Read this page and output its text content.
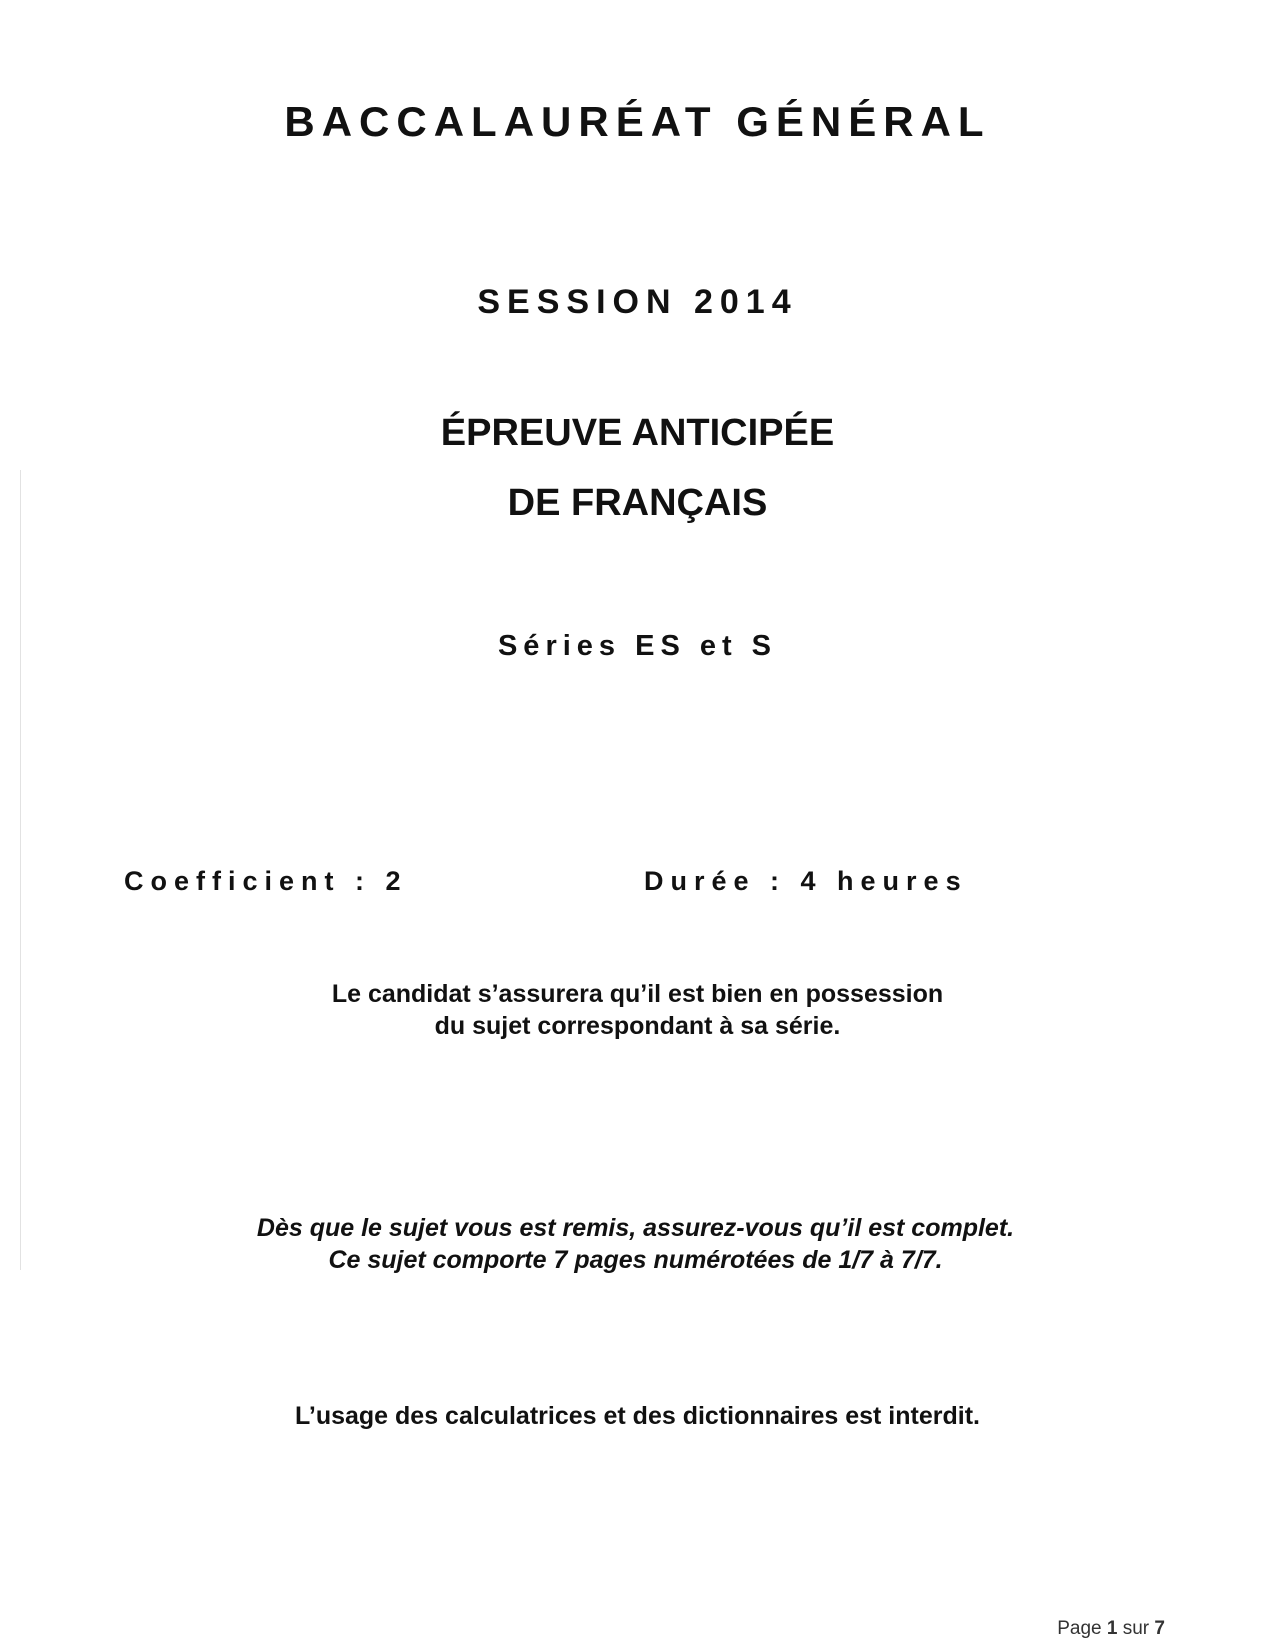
BACCALAURÉAT GÉNÉRAL
SESSION 2014
ÉPREUVE ANTICIPÉE
DE FRANÇAIS
Séries ES et S
Coefficient : 2	Durée : 4 heures
Le candidat s’assurera qu’il est bien en possession
du sujet correspondant à sa série.
Dès que le sujet vous est remis, assurez-vous qu’il est complet.
Ce sujet comporte 7 pages numérotées de 1/7 à 7/7.
L’usage des calculatrices et des dictionnaires est interdit.
Page 1 sur 7
